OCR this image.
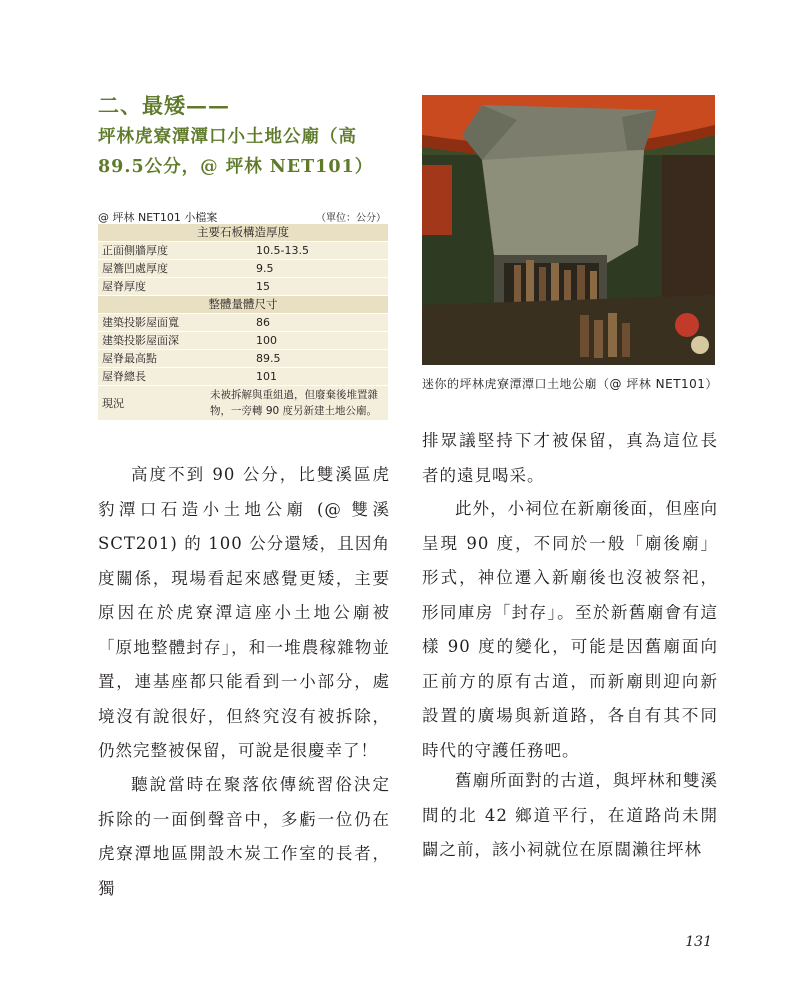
二、最矮——
坪林虎寮潭潭口小土地公廟（高89.5公分，@ 坪林 NET101）
@ 坪林 NET101 小檔案	（單位：公分）
主要石板構造厚度	
正面側牆厚度	10.5-13.5
屋簷凹處厚度	9.5
屋脊厚度	15
整體量體尺寸	
建築投影屋面寬	86
建築投影屋面深	100
屋脊最高點	89.5
屋脊總長	101
現況	未被拆解與重組過，但廢棄後堆置雜物，一旁轉 90 度另新建土地公廟。

高度不到 90 公分，比雙溪區虎豹潭口石造小土地公廟 (@ 雙溪 SCT201) 的 100 公分還矮，且因角度關係，現場看起來感覺更矮，主要原因在於虎寮潭這座小土地公廟被「原地整體封存」，和一堆農稼雜物並置，連基座都只能看到一小部分，處境沒有說很好，但終究沒有被拆除，仍然完整被保留，可說是很慶幸了！

聽說當時在聚落依傳統習俗決定拆除的一面倒聲音中，多虧一位仍在虎寮潭地區開設木炭工作室的長者，獨

迷你的坪林虎寮潭潭口土地公廟（@ 坪林 NET101）

排眾議堅持下才被保留，真為這位長者的遠見喝采。

此外，小祠位在新廟後面，但座向呈現 90 度，不同於一般「廟後廟」形式，神位遷入新廟後也沒被祭祀，形同庫房「封存」。至於新舊廟會有這樣 90 度的變化，可能是因舊廟面向正前方的原有古道，而新廟則迎向新設置的廣場與新道路，各自有其不同時代的守護任務吧。

舊廟所面對的古道，與坪林和雙溪間的北 42 鄉道平行，在道路尚未開闢之前，該小祠就位在原闊瀨往坪林

131
